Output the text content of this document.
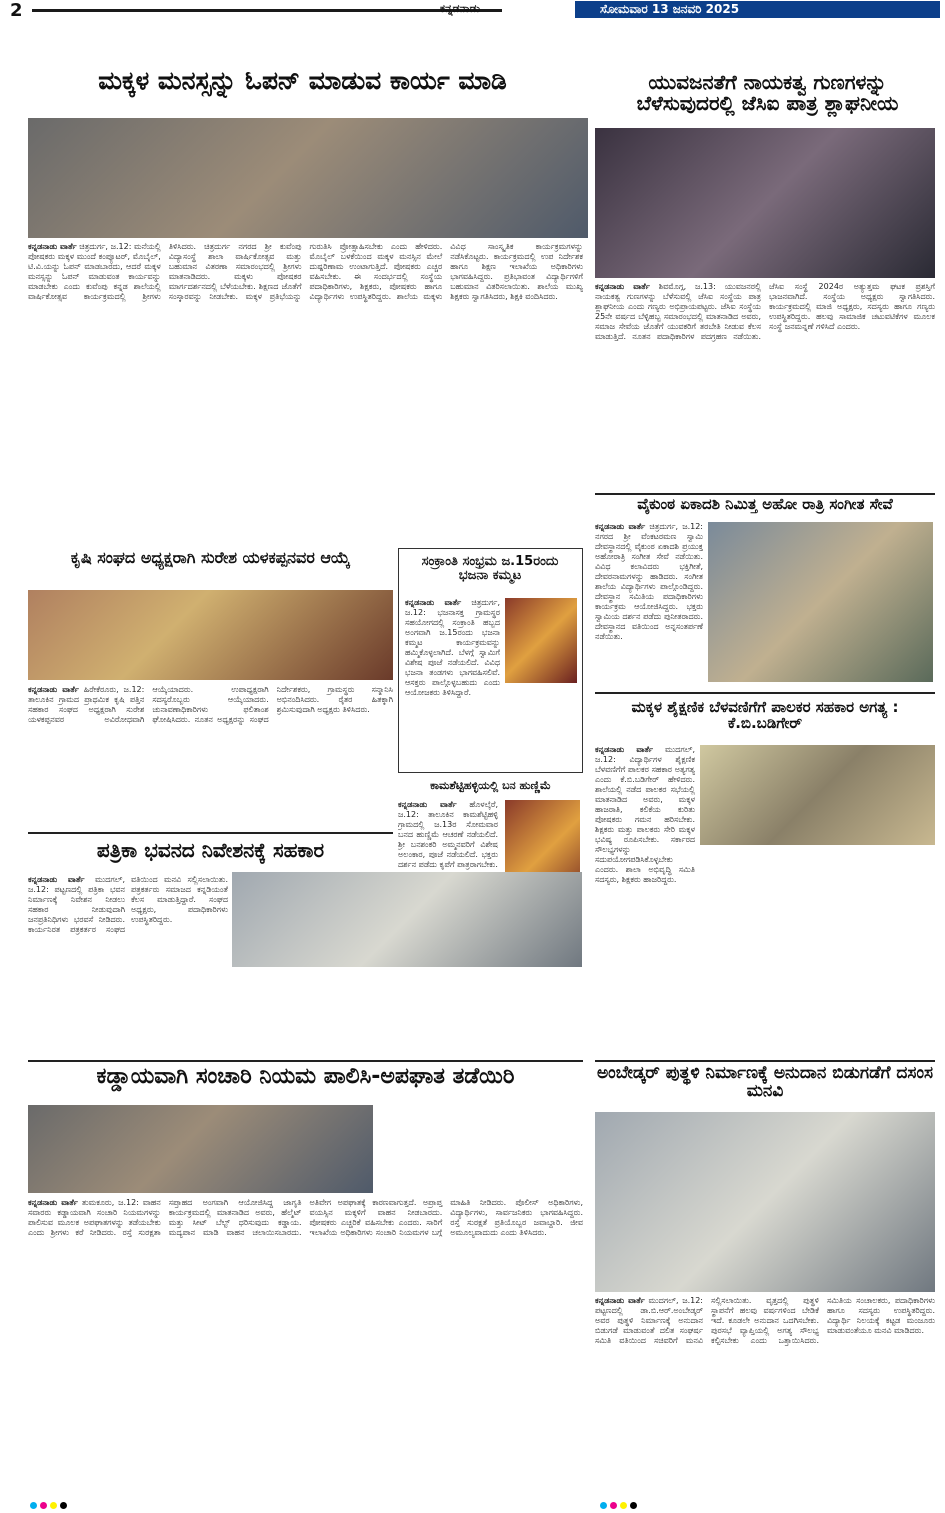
2	ಕನ್ನಡನಾಡು	ಸೋಮವಾರ 13 ಜನವರಿ 2025
ಮಕ್ಕಳ ಮನಸ್ಸನ್ನು ಓಪನ್ ಮಾಡುವ ಕಾರ್ಯ ಮಾಡಿ
ಕನ್ನಡನಾಡು ವಾರ್ತೆ ಚಿತ್ರದುರ್ಗ, ಜ.12: ಮನೆಯಲ್ಲಿ ಪೋಷಕರು ಮಕ್ಕಳ ಮುಂದೆ ಕಂಪ್ಯೂಟರ್, ಮೊಬೈಲ್, ಟಿ.ವಿ.ಯನ್ನು ಓಪನ್ ಮಾಡಬಾರದು, ಆದರೆ ಮಕ್ಕಳ ಮನಸ್ಸನ್ನು ಓಪನ್ ಮಾಡುವಂತ ಕಾರ್ಯವನ್ನು ಮಾಡಬೇಕು ಎಂದು ಕುವೆಂಪು ಕನ್ನಡ ಶಾಲೆಯಲ್ಲಿ ವಾರ್ಷಿಕೋತ್ಸವ ಕಾರ್ಯಕ್ರಮದಲ್ಲಿ ಶ್ರೀಗಳು ತಿಳಿಸಿದರು. ಚಿತ್ರದುರ್ಗ ನಗರದ ಶ್ರೀ ಕುವೆಂಪು ವಿದ್ಯಾಸಂಸ್ಥೆ ಶಾಲಾ ವಾರ್ಷಿಕೋತ್ಸವ ಮತ್ತು ಬಹುಮಾನ ವಿತರಣಾ ಸಮಾರಂಭದಲ್ಲಿ ಶ್ರೀಗಳು ಮಾತನಾಡಿದರು. ಮಕ್ಕಳು ಪೋಷಕರ ಮಾರ್ಗದರ್ಶನದಲ್ಲಿ ಬೆಳೆಯಬೇಕು. ಶಿಕ್ಷಣದ ಜೊತೆಗೆ ಸಂಸ್ಕಾರವನ್ನು ನೀಡಬೇಕು. ಮಕ್ಕಳ ಪ್ರತಿಭೆಯನ್ನು ಗುರುತಿಸಿ ಪ್ರೋತ್ಸಾಹಿಸಬೇಕು ಎಂದು ಹೇಳಿದರು. ಮೊಬೈಲ್ ಬಳಕೆಯಿಂದ ಮಕ್ಕಳ ಮನಸ್ಸಿನ ಮೇಲೆ ದುಷ್ಪರಿಣಾಮ ಉಂಟಾಗುತ್ತಿದೆ. ಪೋಷಕರು ಎಚ್ಚರ ವಹಿಸಬೇಕು. ಈ ಸಂದರ್ಭದಲ್ಲಿ ಸಂಸ್ಥೆಯ ಪದಾಧಿಕಾರಿಗಳು, ಶಿಕ್ಷಕರು, ಪೋಷಕರು ಹಾಗೂ ವಿದ್ಯಾರ್ಥಿಗಳು ಉಪಸ್ಥಿತರಿದ್ದರು. ಶಾಲೆಯ ಮಕ್ಕಳು ವಿವಿಧ ಸಾಂಸ್ಕೃತಿಕ ಕಾರ್ಯಕ್ರಮಗಳನ್ನು ನಡೆಸಿಕೊಟ್ಟರು. ಕಾರ್ಯಕ್ರಮದಲ್ಲಿ ಉಪ ನಿರ್ದೇಶಕ ಹಾಗೂ ಶಿಕ್ಷಣ ಇಲಾಖೆಯ ಅಧಿಕಾರಿಗಳು ಭಾಗವಹಿಸಿದ್ದರು. ಪ್ರತಿಭಾವಂತ ವಿದ್ಯಾರ್ಥಿಗಳಿಗೆ ಬಹುಮಾನ ವಿತರಿಸಲಾಯಿತು. ಶಾಲೆಯ ಮುಖ್ಯ ಶಿಕ್ಷಕರು ಸ್ವಾಗತಿಸಿದರು, ಶಿಕ್ಷಕಿ ವಂದಿಸಿದರು.
ಯುವಜನತೆಗೆ ನಾಯಕತ್ವ ಗುಣಗಳನ್ನು ಬೆಳೆಸುವುದರಲ್ಲಿ ಜೆಸಿಐ ಪಾತ್ರ ಶ್ಲಾಘನೀಯ
ಕನ್ನಡನಾಡು ವಾರ್ತೆ ಶಿವಮೊಗ್ಗ, ಜ.13: ಯುವಜನರಲ್ಲಿ ನಾಯಕತ್ವ ಗುಣಗಳನ್ನು ಬೆಳೆಸುವಲ್ಲಿ ಜೆಸಿಐ ಸಂಸ್ಥೆಯ ಪಾತ್ರ ಶ್ಲಾಘನೀಯ ಎಂದು ಗಣ್ಯರು ಅಭಿಪ್ರಾಯಪಟ್ಟರು. ಜೆಸಿಐ ಸಂಸ್ಥೆಯ 25ನೇ ವರ್ಷದ ಬೆಳ್ಳಿಹಬ್ಬ ಸಮಾರಂಭದಲ್ಲಿ ಮಾತನಾಡಿದ ಅವರು, ಸಮಾಜ ಸೇವೆಯ ಜೊತೆಗೆ ಯುವಕರಿಗೆ ತರಬೇತಿ ನೀಡುವ ಕೆಲಸ ಮಾಡುತ್ತಿದೆ. ನೂತನ ಪದಾಧಿಕಾರಿಗಳ ಪದಗ್ರಹಣ ನಡೆಯಿತು. ಜೆಸಿಐ ಸಂಸ್ಥೆ 2024ರ ಅತ್ಯುತ್ತಮ ಘಟಕ ಪ್ರಶಸ್ತಿಗೆ ಭಾಜನವಾಗಿದೆ. ಸಂಸ್ಥೆಯ ಅಧ್ಯಕ್ಷರು ಸ್ವಾಗತಿಸಿದರು. ಕಾರ್ಯಕ್ರಮದಲ್ಲಿ ಮಾಜಿ ಅಧ್ಯಕ್ಷರು, ಸದಸ್ಯರು ಹಾಗೂ ಗಣ್ಯರು ಉಪಸ್ಥಿತರಿದ್ದರು. ಹಲವು ಸಾಮಾಜಿಕ ಚಟುವಟಿಕೆಗಳ ಮೂಲಕ ಸಂಸ್ಥೆ ಜನಮನ್ನಣೆ ಗಳಿಸಿದೆ ಎಂದರು.
ವೈಕುಂಠ ಏಕಾದಶಿ ನಿಮಿತ್ತ ಅಹೋ ರಾತ್ರಿ ಸಂಗೀತ ಸೇವೆ
ಕನ್ನಡನಾಡು ವಾರ್ತೆ ಚಿತ್ರದುರ್ಗ, ಜ.12: ನಗರದ ಶ್ರೀ ವೆಂಕಟರಮಣ ಸ್ವಾಮಿ ದೇವಸ್ಥಾನದಲ್ಲಿ ವೈಕುಂಠ ಏಕಾದಶಿ ಪ್ರಯುಕ್ತ ಅಹೋರಾತ್ರಿ ಸಂಗೀತ ಸೇವೆ ನಡೆಯಿತು. ವಿವಿಧ ಕಲಾವಿದರು ಭಕ್ತಿಗೀತೆ, ದೇವರನಾಮಗಳನ್ನು ಹಾಡಿದರು. ಸಂಗೀತ ಶಾಲೆಯ ವಿದ್ಯಾರ್ಥಿಗಳು ಪಾಲ್ಗೊಂಡಿದ್ದರು. ದೇವಸ್ಥಾನ ಸಮಿತಿಯ ಪದಾಧಿಕಾರಿಗಳು ಕಾರ್ಯಕ್ರಮ ಆಯೋಜಿಸಿದ್ದರು. ಭಕ್ತರು ಸ್ವಾಮಿಯ ದರ್ಶನ ಪಡೆದು ಪುನೀತರಾದರು. ದೇವಸ್ಥಾನದ ವತಿಯಿಂದ ಅನ್ನಸಂತರ್ಪಣೆ ನಡೆಯಿತು.
ಕೃಷಿ ಸಂಘದ ಅಧ್ಯಕ್ಷರಾಗಿ ಸುರೇಶ ಯಳಕಪ್ಪನವರ ಆಯ್ಕೆ
ಕನ್ನಡನಾಡು ವಾರ್ತೆ ಹಿರೇಕೆರೂರು, ಜ.12: ತಾಲೂಕಿನ ಗ್ರಾಮದ ಪ್ರಾಥಮಿಕ ಕೃಷಿ ಪತ್ತಿನ ಸಹಕಾರ ಸಂಘದ ಅಧ್ಯಕ್ಷರಾಗಿ ಸುರೇಶ ಯಳಕಪ್ಪನವರ ಅವಿರೋಧವಾಗಿ ಆಯ್ಕೆಯಾದರು. ಉಪಾಧ್ಯಕ್ಷರಾಗಿ ಸದಸ್ಯರೊಬ್ಬರು ಆಯ್ಕೆಯಾದರು. ಚುನಾವಣಾಧಿಕಾರಿಗಳು ಫಲಿತಾಂಶ ಘೋಷಿಸಿದರು. ನೂತನ ಅಧ್ಯಕ್ಷರನ್ನು ಸಂಘದ ನಿರ್ದೇಶಕರು, ಗ್ರಾಮಸ್ಥರು ಸನ್ಮಾನಿಸಿ ಅಭಿನಂದಿಸಿದರು. ರೈತರ ಹಿತಕ್ಕಾಗಿ ಶ್ರಮಿಸುವುದಾಗಿ ಅಧ್ಯಕ್ಷರು ತಿಳಿಸಿದರು.
ಸಂಕ್ರಾಂತಿ ಸಂಭ್ರಮ ಜ.15ರಂದು ಭಜನಾ ಕಮ್ಮಟ
ಕನ್ನಡನಾಡು ವಾರ್ತೆ ಚಿತ್ರದುರ್ಗ, ಜ.12: ಭಜನಾಸಕ್ತ ಗ್ರಾಮಸ್ಥರ ಸಹಯೋಗದಲ್ಲಿ ಸಂಕ್ರಾಂತಿ ಹಬ್ಬದ ಅಂಗವಾಗಿ ಜ.15ರಂದು ಭಜನಾ ಕಮ್ಮಟ ಕಾರ್ಯಕ್ರಮವನ್ನು ಹಮ್ಮಿಕೊಳ್ಳಲಾಗಿದೆ. ಬೆಳಗ್ಗೆ ಸ್ವಾಮಿಗೆ ವಿಶೇಷ ಪೂಜೆ ನಡೆಯಲಿದೆ. ವಿವಿಧ ಭಜನಾ ತಂಡಗಳು ಭಾಗವಹಿಸಲಿವೆ. ಆಸಕ್ತರು ಪಾಲ್ಗೊಳ್ಳಬಹುದು ಎಂದು ಆಯೋಜಕರು ತಿಳಿಸಿದ್ದಾರೆ.
ಕಾಮಶೆಟ್ಟಿಹಳ್ಳಿಯಲ್ಲಿ ಬನ ಹುಣ್ಣಿಮೆ
ಕನ್ನಡನಾಡು ವಾರ್ತೆ ಹೊಳಲ್ಕೆರೆ, ಜ.12: ತಾಲೂಕಿನ ಕಾಮಶೆಟ್ಟಿಹಳ್ಳಿ ಗ್ರಾಮದಲ್ಲಿ ಜ.13ರ ಸೋಮವಾರ ಬನದ ಹುಣ್ಣಿಮೆ ಆಚರಣೆ ನಡೆಯಲಿದೆ. ಶ್ರೀ ಬನಶಂಕರಿ ಅಮ್ಮನವರಿಗೆ ವಿಶೇಷ ಅಲಂಕಾರ, ಪೂಜೆ ನಡೆಯಲಿದೆ. ಭಕ್ತರು ದರ್ಶನ ಪಡೆದು ಕೃಪೆಗೆ ಪಾತ್ರರಾಗಬೇಕು.
ಪತ್ರಿಕಾ ಭವನದ ನಿವೇಶನಕ್ಕೆ ಸಹಕಾರ
ಕನ್ನಡನಾಡು ವಾರ್ತೆ ಮುದಗಲ್, ಜ.12: ಪಟ್ಟಣದಲ್ಲಿ ಪತ್ರಿಕಾ ಭವನ ನಿರ್ಮಾಣಕ್ಕೆ ನಿವೇಶನ ನೀಡಲು ಸಹಕಾರ ನೀಡುವುದಾಗಿ ಜನಪ್ರತಿನಿಧಿಗಳು ಭರವಸೆ ನೀಡಿದರು. ಕಾರ್ಯನಿರತ ಪತ್ರಕರ್ತರ ಸಂಘದ ವತಿಯಿಂದ ಮನವಿ ಸಲ್ಲಿಸಲಾಯಿತು. ಪತ್ರಕರ್ತರು ಸಮಾಜದ ಕನ್ನಡಿಯಂತೆ ಕೆಲಸ ಮಾಡುತ್ತಿದ್ದಾರೆ. ಸಂಘದ ಅಧ್ಯಕ್ಷರು, ಪದಾಧಿಕಾರಿಗಳು ಉಪಸ್ಥಿತರಿದ್ದರು.
ಮಕ್ಕಳ ಶೈಕ್ಷಣಿಕ ಬೆಳವಣಿಗೆಗೆ ಪಾಲಕರ ಸಹಕಾರ ಅಗತ್ಯ : ಕೆ.ಬಿ.ಬಡಿಗೇರ್
ಕನ್ನಡನಾಡು ವಾರ್ತೆ ಮುದಗಲ್, ಜ.12: ವಿದ್ಯಾರ್ಥಿಗಳ ಶೈಕ್ಷಣಿಕ ಬೆಳವಣಿಗೆಗೆ ಪಾಲಕರ ಸಹಕಾರ ಅತ್ಯಗತ್ಯ ಎಂದು ಕೆ.ಬಿ.ಬಡಿಗೇರ್ ಹೇಳಿದರು. ಶಾಲೆಯಲ್ಲಿ ನಡೆದ ಪಾಲಕರ ಸಭೆಯಲ್ಲಿ ಮಾತನಾಡಿದ ಅವರು, ಮಕ್ಕಳ ಹಾಜರಾತಿ, ಕಲಿಕೆಯ ಕುರಿತು ಪೋಷಕರು ಗಮನ ಹರಿಸಬೇಕು. ಶಿಕ್ಷಕರು ಮತ್ತು ಪಾಲಕರು ಸೇರಿ ಮಕ್ಕಳ ಭವಿಷ್ಯ ರೂಪಿಸಬೇಕು. ಸರ್ಕಾರದ ಸೌಲಭ್ಯಗಳನ್ನು ಸದುಪಯೋಗಪಡಿಸಿಕೊಳ್ಳಬೇಕು ಎಂದರು. ಶಾಲಾ ಅಭಿವೃದ್ಧಿ ಸಮಿತಿ ಸದಸ್ಯರು, ಶಿಕ್ಷಕರು ಹಾಜರಿದ್ದರು.
ಕಡ್ಡಾಯವಾಗಿ ಸಂಚಾರಿ ನಿಯಮ ಪಾಲಿಸಿ-ಅಪಘಾತ ತಡೆಯಿರಿ
ಕನ್ನಡನಾಡು ವಾರ್ತೆ ತುಮಕೂರು, ಜ.12: ವಾಹನ ಸವಾರರು ಕಡ್ಡಾಯವಾಗಿ ಸಂಚಾರಿ ನಿಯಮಗಳನ್ನು ಪಾಲಿಸುವ ಮೂಲಕ ಅಪಘಾತಗಳನ್ನು ತಡೆಯಬೇಕು ಎಂದು ಶ್ರೀಗಳು ಕರೆ ನೀಡಿದರು. ರಸ್ತೆ ಸುರಕ್ಷತಾ ಸಪ್ತಾಹದ ಅಂಗವಾಗಿ ಆಯೋಜಿಸಿದ್ದ ಜಾಗೃತಿ ಕಾರ್ಯಕ್ರಮದಲ್ಲಿ ಮಾತನಾಡಿದ ಅವರು, ಹೆಲ್ಮೆಟ್ ಮತ್ತು ಸೀಟ್ ಬೆಲ್ಟ್ ಧರಿಸುವುದು ಕಡ್ಡಾಯ. ಮದ್ಯಪಾನ ಮಾಡಿ ವಾಹನ ಚಲಾಯಿಸಬಾರದು. ಅತಿವೇಗ ಅಪಘಾತಕ್ಕೆ ಕಾರಣವಾಗುತ್ತದೆ. ಅಪ್ರಾಪ್ತ ವಯಸ್ಸಿನ ಮಕ್ಕಳಿಗೆ ವಾಹನ ನೀಡಬಾರದು. ಪೋಷಕರು ಎಚ್ಚರಿಕೆ ವಹಿಸಬೇಕು ಎಂದರು. ಸಾರಿಗೆ ಇಲಾಖೆಯ ಅಧಿಕಾರಿಗಳು ಸಂಚಾರಿ ನಿಯಮಗಳ ಬಗ್ಗೆ ಮಾಹಿತಿ ನೀಡಿದರು. ಪೊಲೀಸ್ ಅಧಿಕಾರಿಗಳು, ವಿದ್ಯಾರ್ಥಿಗಳು, ಸಾರ್ವಜನಿಕರು ಭಾಗವಹಿಸಿದ್ದರು. ರಸ್ತೆ ಸುರಕ್ಷತೆ ಪ್ರತಿಯೊಬ್ಬರ ಜವಾಬ್ದಾರಿ. ಜೀವ ಅಮೂಲ್ಯವಾದುದು ಎಂದು ತಿಳಿಸಿದರು.
ಅಂಬೇಡ್ಕರ್ ಪುತ್ಥಳಿ ನಿರ್ಮಾಣಕ್ಕೆ ಅನುದಾನ ಬಿಡುಗಡೆಗೆ ದಸಂಸ ಮನವಿ
ಕನ್ನಡನಾಡು ವಾರ್ತೆ ಮುದಗಲ್, ಜ.12: ಪಟ್ಟಣದಲ್ಲಿ ಡಾ.ಬಿ.ಆರ್.ಅಂಬೇಡ್ಕರ್ ಅವರ ಪುತ್ಥಳಿ ನಿರ್ಮಾಣಕ್ಕೆ ಅನುದಾನ ಬಿಡುಗಡೆ ಮಾಡುವಂತೆ ದಲಿತ ಸಂಘರ್ಷ ಸಮಿತಿ ವತಿಯಿಂದ ಸಚಿವರಿಗೆ ಮನವಿ ಸಲ್ಲಿಸಲಾಯಿತು. ವೃತ್ತದಲ್ಲಿ ಪುತ್ಥಳಿ ಸ್ಥಾಪನೆಗೆ ಹಲವು ವರ್ಷಗಳಿಂದ ಬೇಡಿಕೆ ಇದೆ. ಕೂಡಲೇ ಅನುದಾನ ಒದಗಿಸಬೇಕು. ಪುರಸಭೆ ವ್ಯಾಪ್ತಿಯಲ್ಲಿ ಅಗತ್ಯ ಸೌಲಭ್ಯ ಕಲ್ಪಿಸಬೇಕು ಎಂದು ಒತ್ತಾಯಿಸಿದರು. ಸಮಿತಿಯ ಸಂಚಾಲಕರು, ಪದಾಧಿಕಾರಿಗಳು ಹಾಗೂ ಸದಸ್ಯರು ಉಪಸ್ಥಿತರಿದ್ದರು. ವಿದ್ಯಾರ್ಥಿ ನಿಲಯಕ್ಕೆ ಕಟ್ಟಡ ಮಂಜೂರು ಮಾಡುವಂತೆಯೂ ಮನವಿ ಮಾಡಿದರು.
